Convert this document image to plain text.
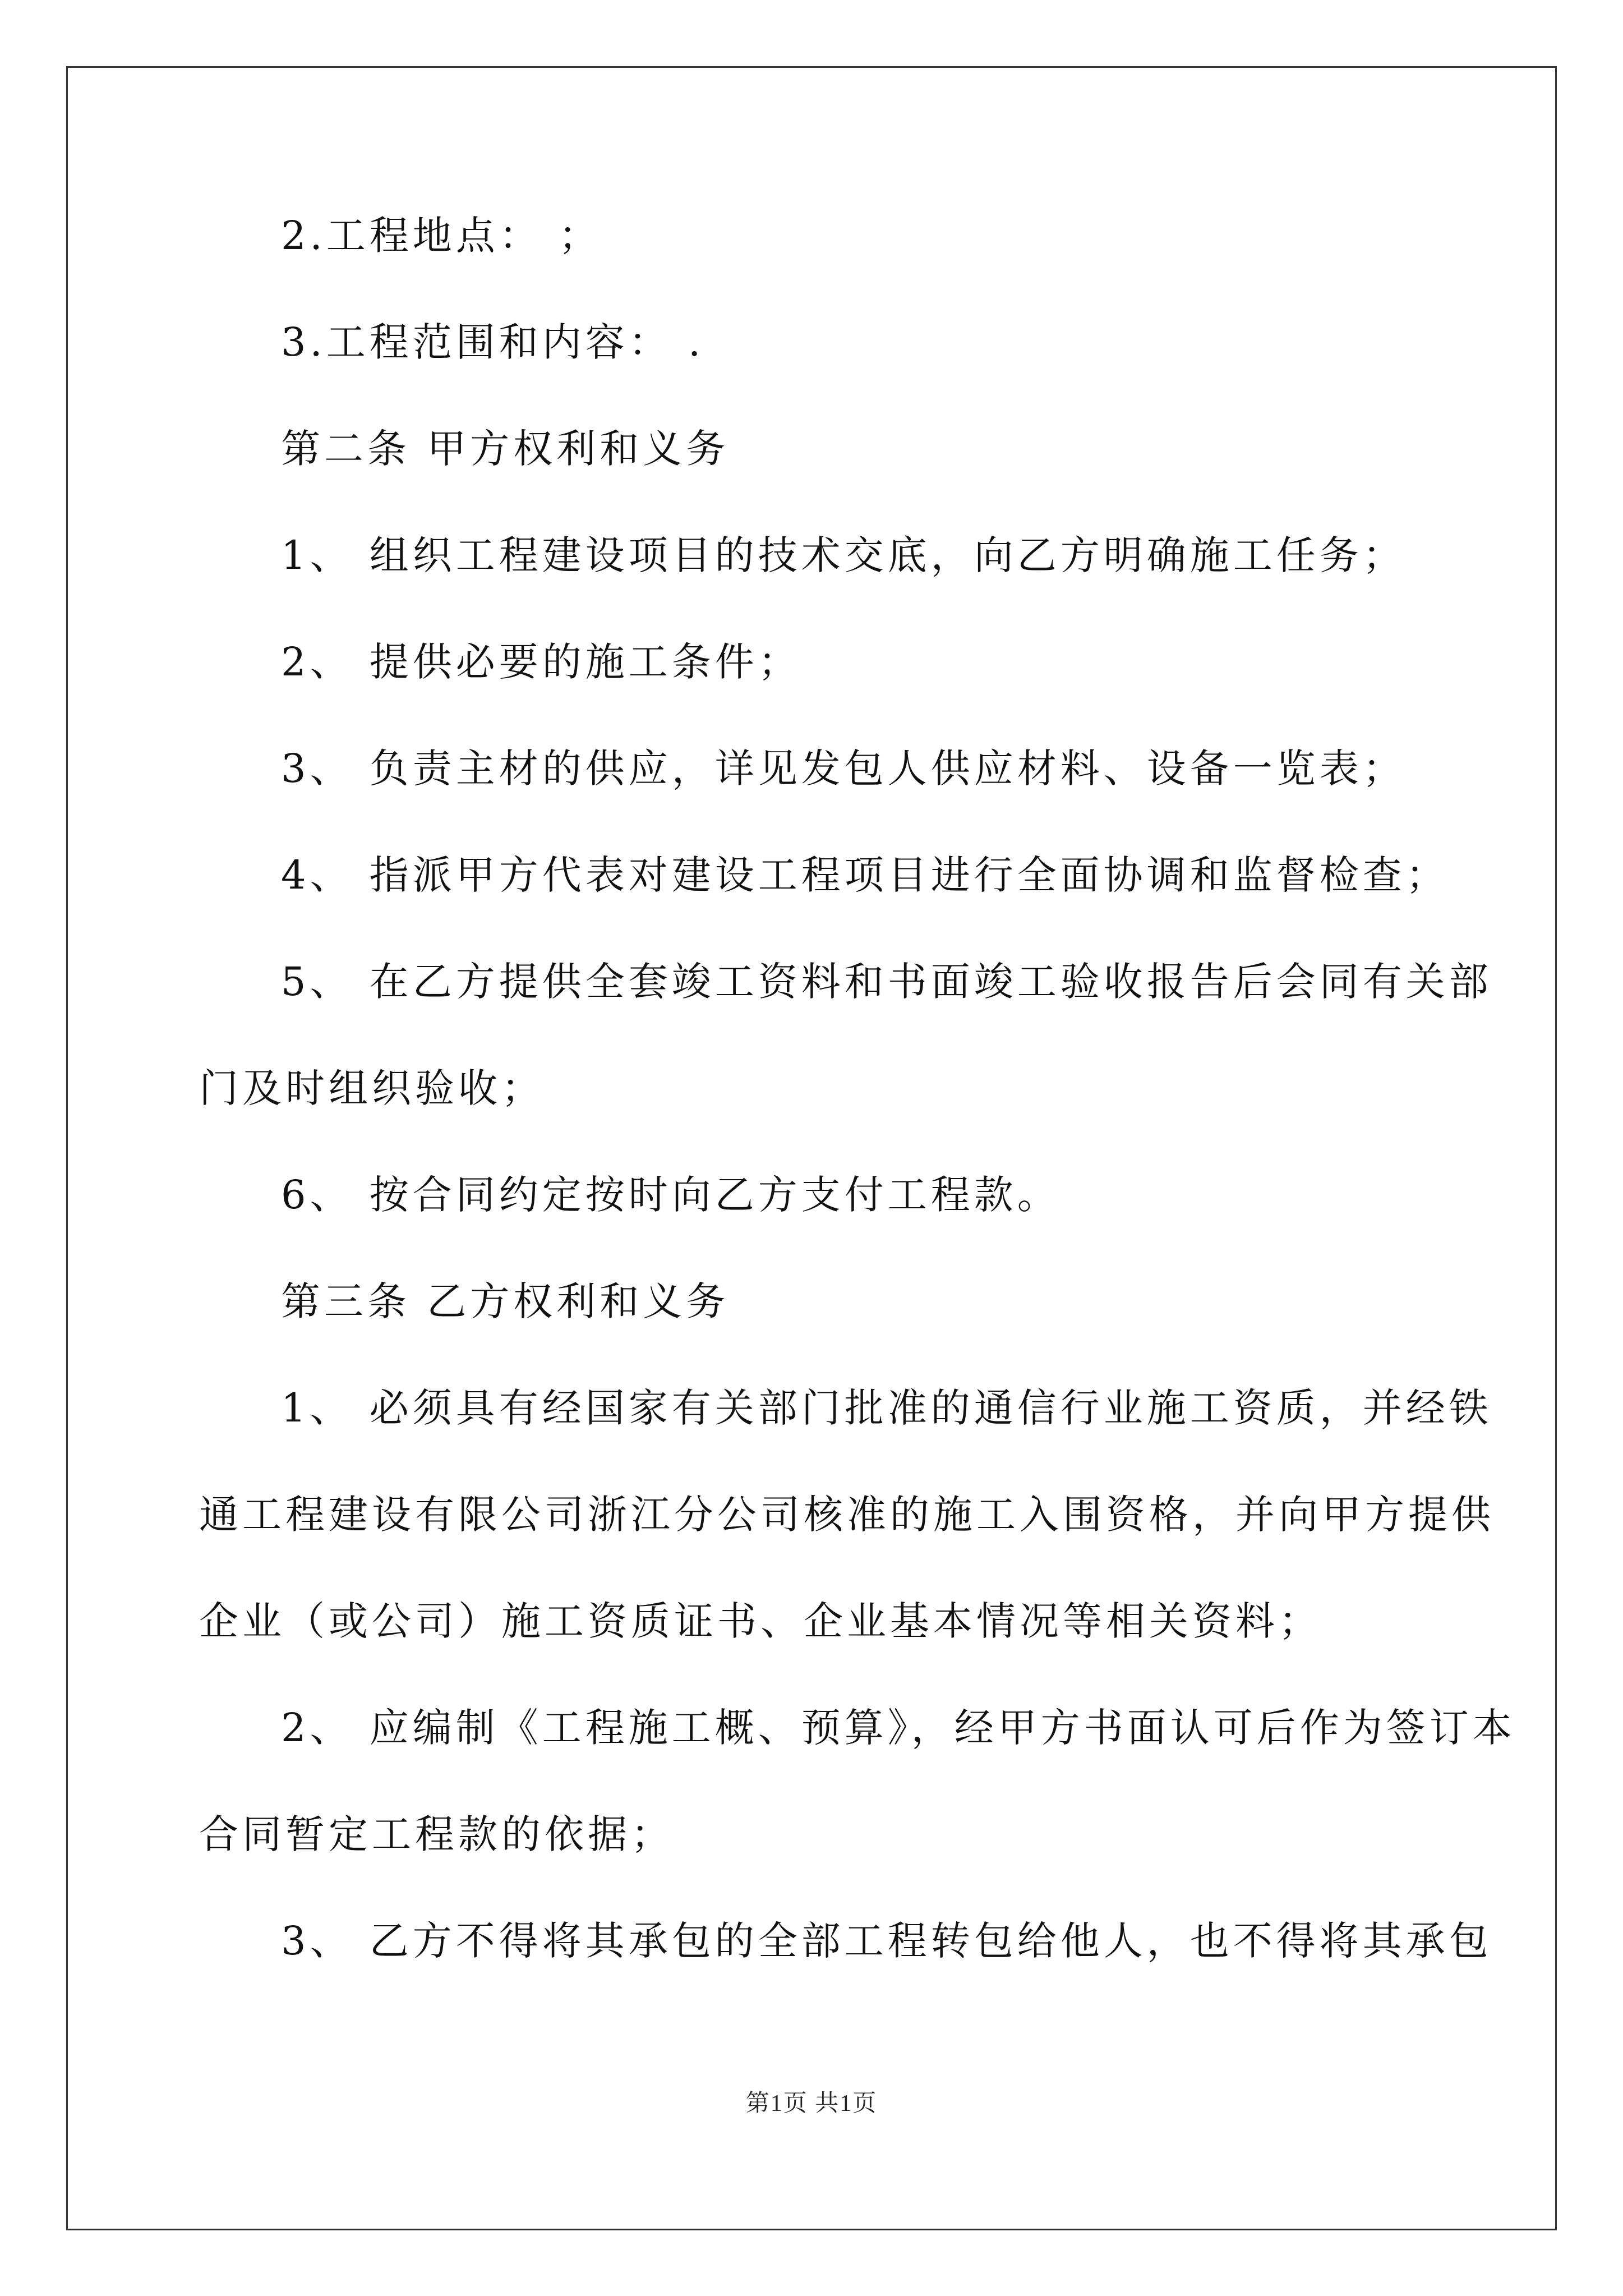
2.工程地点： ；
3.工程范围和内容： .
第二条 甲方权利和义务
1、 组织工程建设项目的技术交底，向乙方明确施工任务；
2、 提供必要的施工条件；
3、 负责主材的供应，详见发包人供应材料、设备一览表；
4、 指派甲方代表对建设工程项目进行全面协调和监督检查；
5、 在乙方提供全套竣工资料和书面竣工验收报告后会同有关部
门及时组织验收；
6、 按合同约定按时向乙方支付工程款。
第三条 乙方权利和义务
1、 必须具有经国家有关部门批准的通信行业施工资质，并经铁
通工程建设有限公司浙江分公司核准的施工入围资格，并向甲方提供
企业（或公司）施工资质证书、企业基本情况等相关资料；
2、 应编制《工程施工概、预算》，经甲方书面认可后作为签订本
合同暂定工程款的依据；
3、 乙方不得将其承包的全部工程转包给他人，也不得将其承包
第1页 共1页
